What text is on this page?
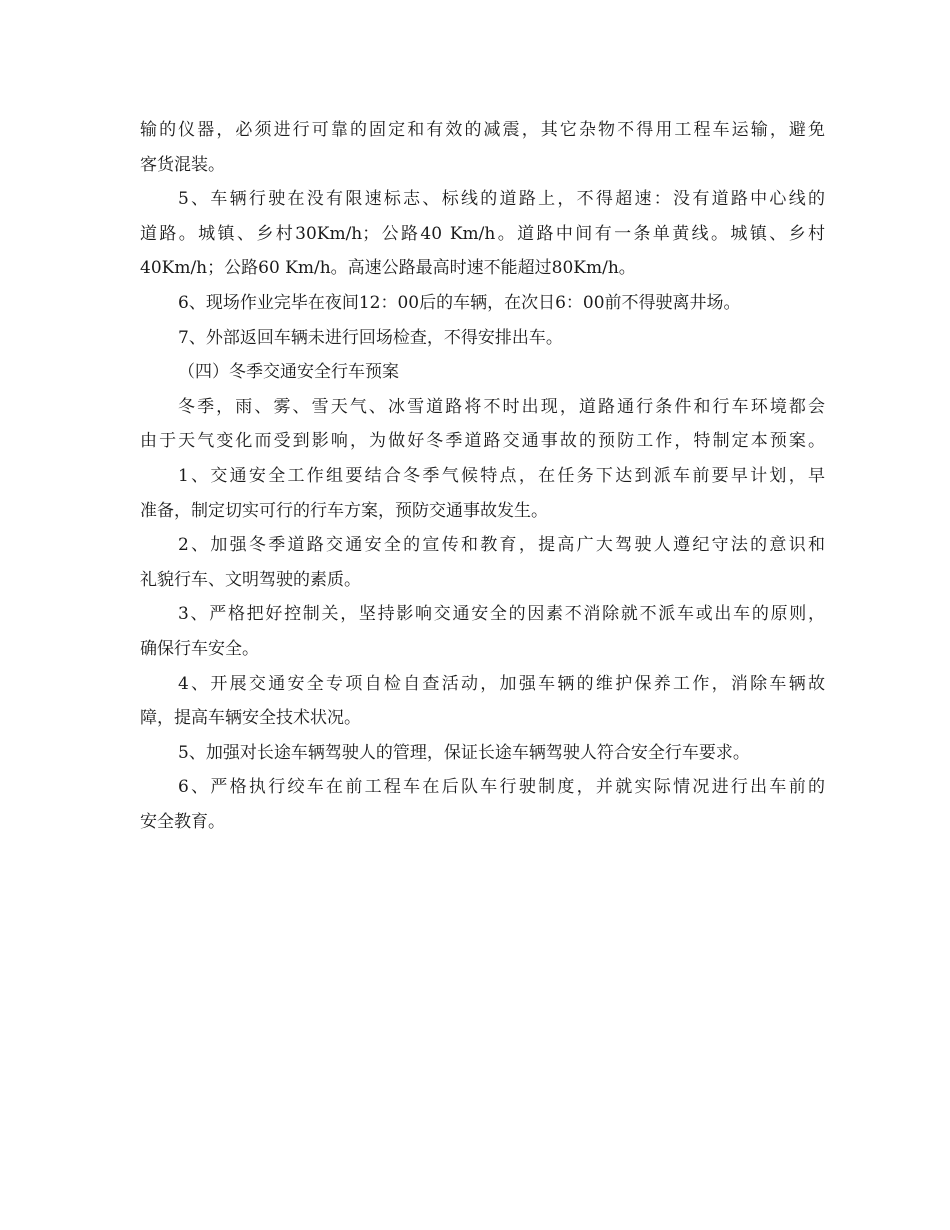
输的仪器，必须进行可靠的固定和有效的减震，其它杂物不得用工程车运输，避免
客货混装。
5、车辆行驶在没有限速标志、标线的道路上，不得超速：没有道路中心线的
道路。城镇、乡村30Km/h；公路40 Km/h。道路中间有一条单黄线。城镇、乡村
40Km/h；公路60 Km/h。高速公路最高时速不能超过80Km/h。
6、现场作业完毕在夜间12：00后的车辆，在次日6：00前不得驶离井场。
7、外部返回车辆未进行回场检查，不得安排出车。
（四）冬季交通安全行车预案
冬季，雨、雾、雪天气、冰雪道路将不时出现，道路通行条件和行车环境都会
由于天气变化而受到影响，为做好冬季道路交通事故的预防工作，特制定本预案。
1、交通安全工作组要结合冬季气候特点，在任务下达到派车前要早计划，早
准备，制定切实可行的行车方案，预防交通事故发生。
2、加强冬季道路交通安全的宣传和教育，提高广大驾驶人遵纪守法的意识和
礼貌行车、文明驾驶的素质。
3、严格把好控制关，坚持影响交通安全的因素不消除就不派车或出车的原则，
确保行车安全。
4、开展交通安全专项自检自查活动，加强车辆的维护保养工作，消除车辆故
障，提高车辆安全技术状况。
5、加强对长途车辆驾驶人的管理，保证长途车辆驾驶人符合安全行车要求。
6、严格执行绞车在前工程车在后队车行驶制度，并就实际情况进行出车前的
安全教育。
